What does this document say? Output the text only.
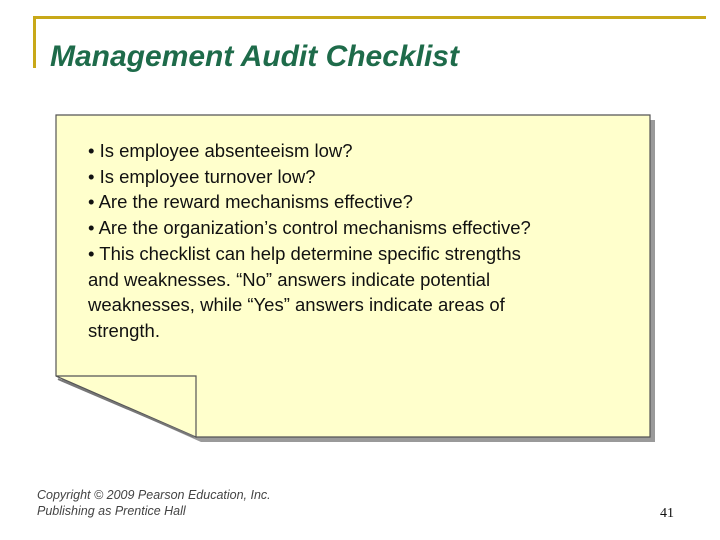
Management Audit Checklist
• Is employee absenteeism low?
• Is employee turnover low?
• Are the reward mechanisms effective?
• Are the organization’s control mechanisms effective?
• This checklist can help determine specific strengths
and weaknesses. “No” answers indicate potential
weaknesses, while “Yes” answers indicate areas of
strength.
Copyright © 2009 Pearson Education, Inc.
Publishing as Prentice Hall	41
